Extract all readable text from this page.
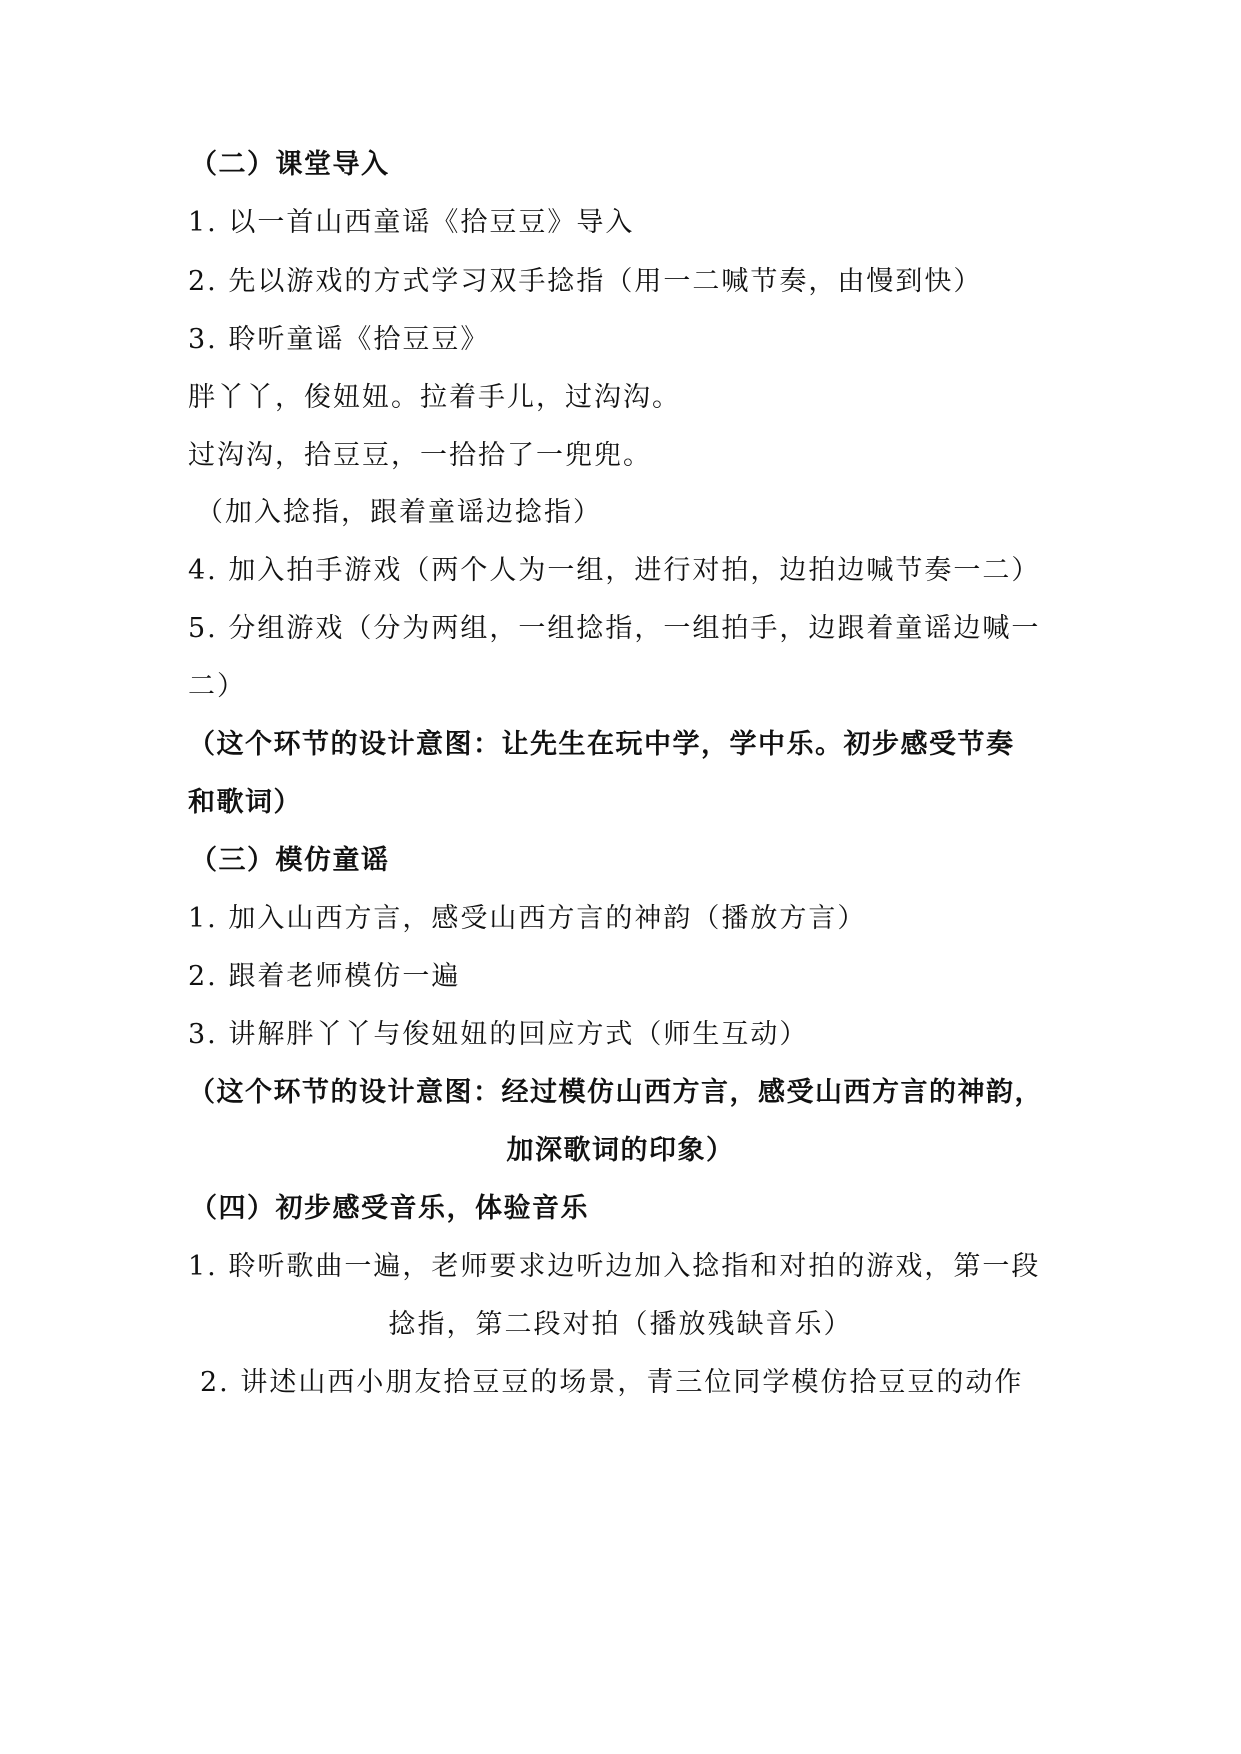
（二）课堂导入
1. 以一首山西童谣《拾豆豆》导入
2. 先以游戏的方式学习双手捻指（用一二喊节奏，由慢到快）
3. 聆听童谣《拾豆豆》
胖丫丫，俊妞妞。拉着手儿，过沟沟。
过沟沟，拾豆豆，一拾拾了一兜兜。
（加入捻指，跟着童谣边捻指）
4. 加入拍手游戏（两个人为一组，进行对拍，边拍边喊节奏一二）
5. 分组游戏（分为两组，一组捻指，一组拍手，边跟着童谣边喊一
二）
（这个环节的设计意图：让先生在玩中学，学中乐。初步感受节奏
和歌词）
（三）模仿童谣
1. 加入山西方言，感受山西方言的神韵（播放方言）
2. 跟着老师模仿一遍
3. 讲解胖丫丫与俊妞妞的回应方式（师生互动）
（这个环节的设计意图：经过模仿山西方言，感受山西方言的神韵，
加深歌词的印象）
（四）初步感受音乐，体验音乐
1. 聆听歌曲一遍，老师要求边听边加入捻指和对拍的游戏，第一段
捻指，第二段对拍（播放残缺音乐）
2. 讲述山西小朋友拾豆豆的场景，青三位同学模仿拾豆豆的动作
